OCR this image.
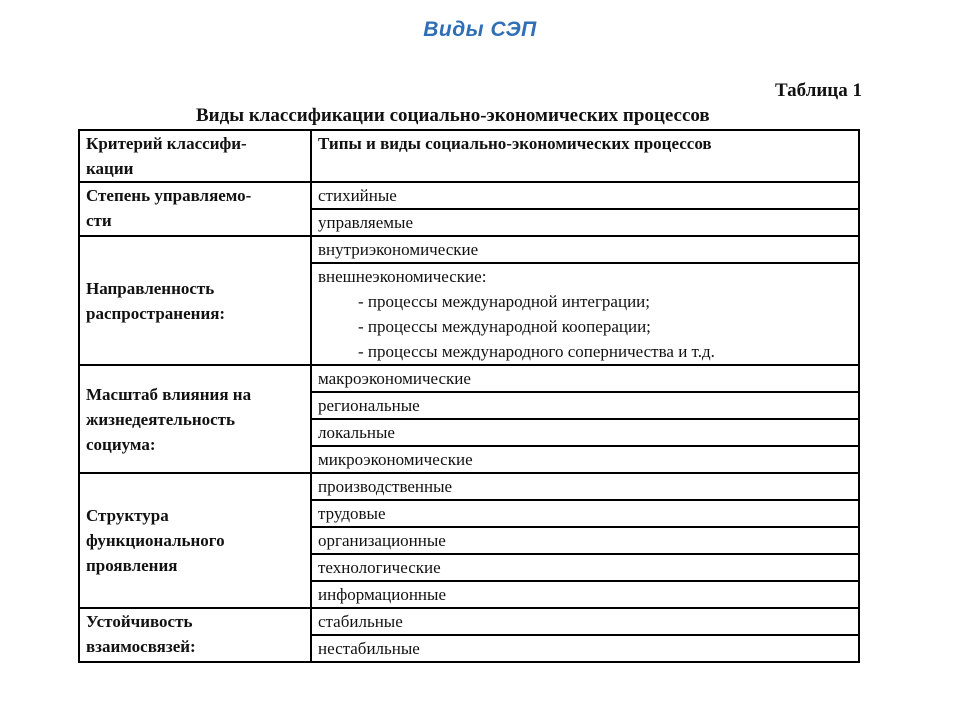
Виды СЭП
Таблица 1
Виды классификации социально-экономических процессов
Критерий классифи-
кации	Типы и виды социально-экономических процессов
Степень управляемо-
сти	стихийные
	управляемые
Направленность
распространения:	внутриэкономические
	внешнеэкономические:
- процессы международной интеграции;
- процессы международной кооперации;
- процессы международного соперничества и т.д.

Масштаб влияния на
жизнедеятельность
социума:	макроэкономические
	региональные
	локальные
	микроэкономические
Структура
функционального
проявления	производственные
	трудовые
	организационные
	технологические
	информационные
Устойчивость
взаимосвязей:	стабильные
	нестабильные
